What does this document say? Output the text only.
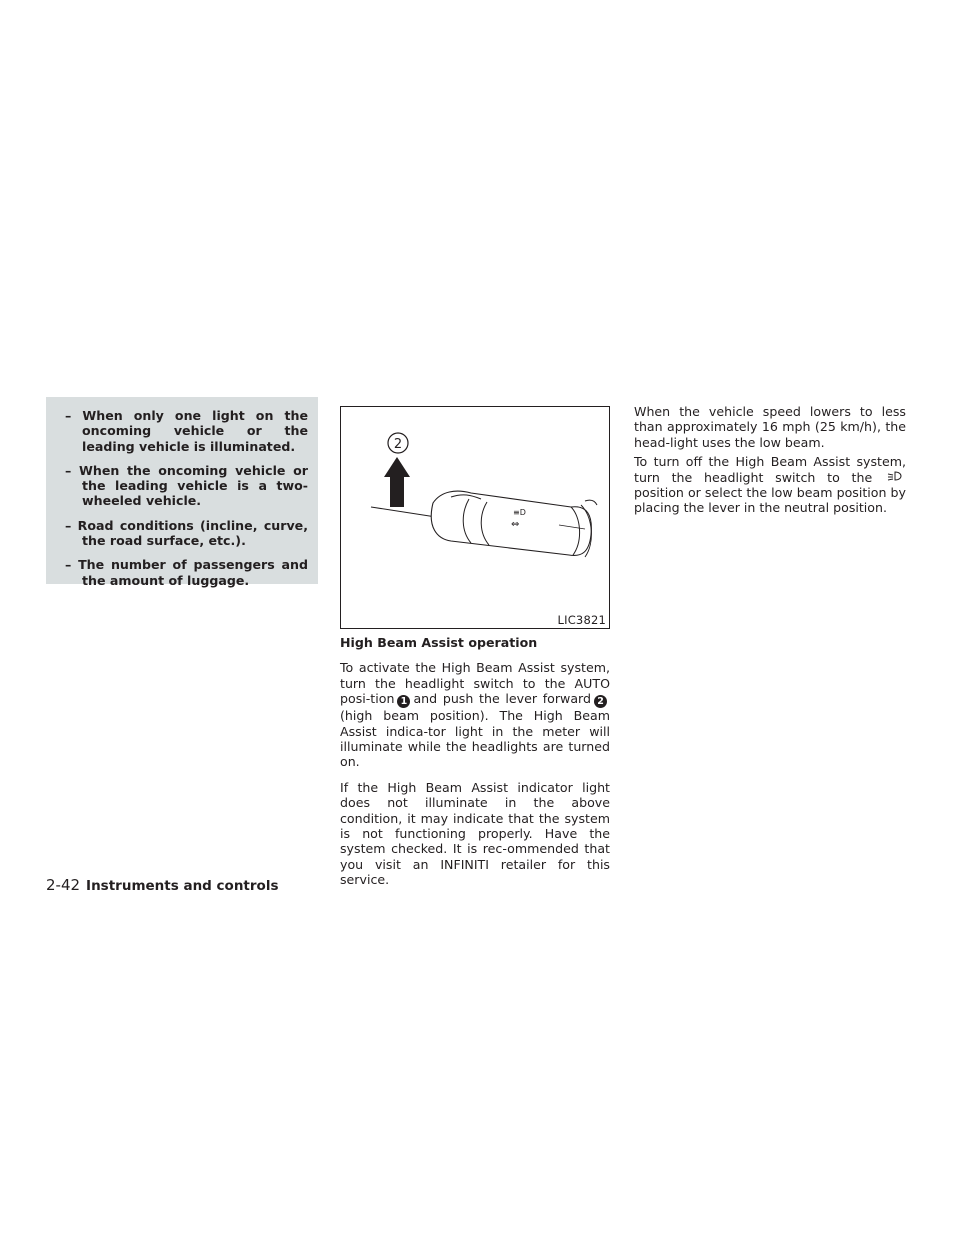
– When only one light on the oncoming vehicle or the leading vehicle is illuminated.
– When the oncoming vehicle or the leading vehicle is a two-wheeled vehicle.
– Road conditions (incline, curve, the road surface, etc.).
– The number of passengers and the amount of luggage.
2
≡D
⇔
LIC3821
High Beam Assist operation

To activate the High Beam Assist system, turn the headlight switch to the AUTO posi-tion 1 and push the lever forward 2(high beam position). The High Beam Assist indica-tor light in the meter will illuminate while the headlights are turned on.

If the High Beam Assist indicator light does not illuminate in the above condition, it may indicate that the system is not functioning properly. Have the system checked. It is rec-ommended that you visit an INFINITI retailer for this service.

When the vehicle speed lowers to less than approximately 16 mph (25 km/h), the head-light uses the low beam.

To turn off the High Beam Assist system, turn the headlight switch to the  position or select the low beam position by placing the lever in the neutral position.

2-42 Instruments and controls
